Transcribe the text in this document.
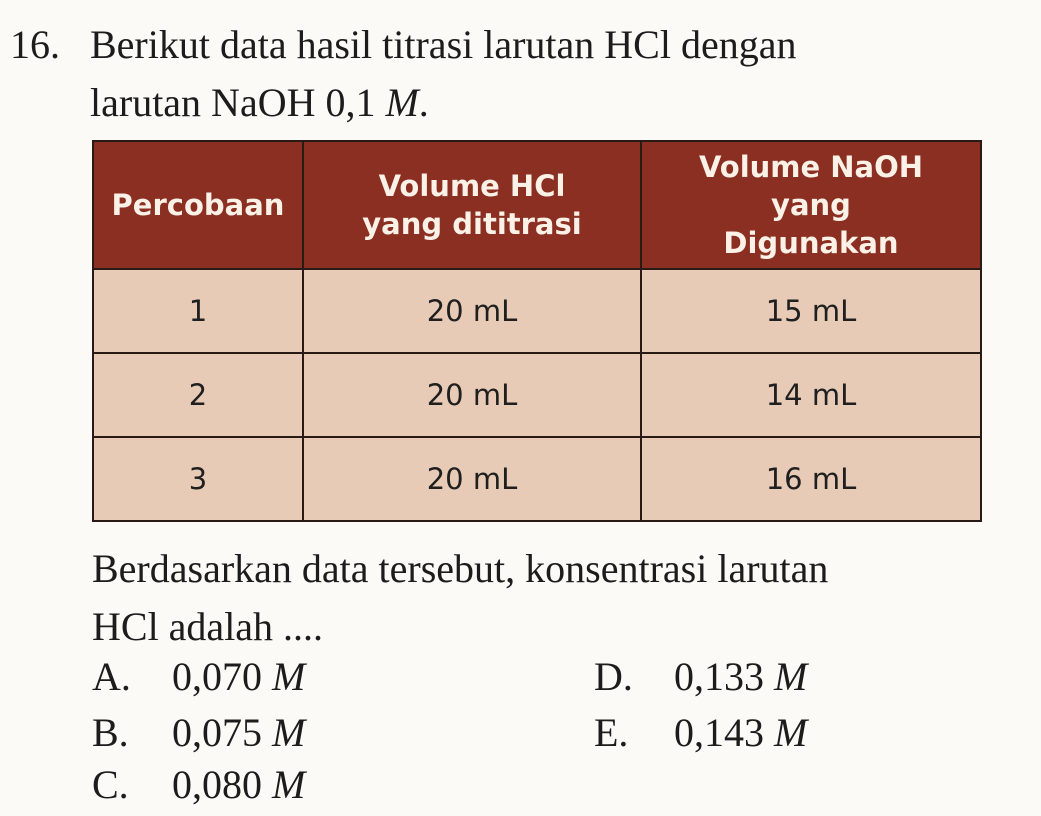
16. Berikut data hasil titrasi larutan HCl dengan
larutan NaOH 0,1 M.
Percobaan	Volume HCl yang dititrasi	Volume NaOH yang Digunakan
1	20 mL	15 mL
2	20 mL	14 mL
3	20 mL	16 mL
Berdasarkan data tersebut, konsentrasi larutan
HCl adalah ....
A. 0,070 M
B. 0,075 M
C. 0,080 M
D. 0,133 M
E. 0,143 M
